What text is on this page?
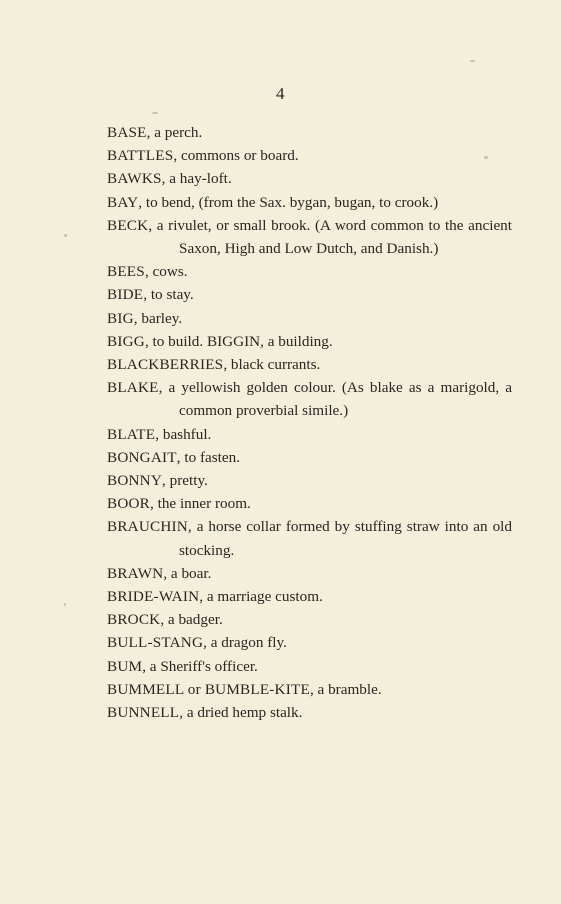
4
BASE, a perch.
BATTLES, commons or board.
BAWKS, a hay-loft.
BAY, to bend, (from the Sax. bygan, bugan, to crook.)
BECK, a rivulet, or small brook. (A word common to the ancient Saxon, High and Low Dutch, and Danish.)
BEES, cows.
BIDE, to stay.
BIG, barley.
BIGG, to build. BIGGIN, a building.
BLACKBERRIES, black currants.
BLAKE, a yellowish golden colour. (As blake as a marigold, a common proverbial simile.)
BLATE, bashful.
BONGAIT, to fasten.
BONNY, pretty.
BOOR, the inner room.
BRAUCHIN, a horse collar formed by stuffing straw into an old stocking.
BRAWN, a boar.
BRIDE-WAIN, a marriage custom.
BROCK, a badger.
BULL-STANG, a dragon fly.
BUM, a Sheriff's officer.
BUMMELL or BUMBLE-KITE, a bramble.
BUNNELL, a dried hemp stalk.
